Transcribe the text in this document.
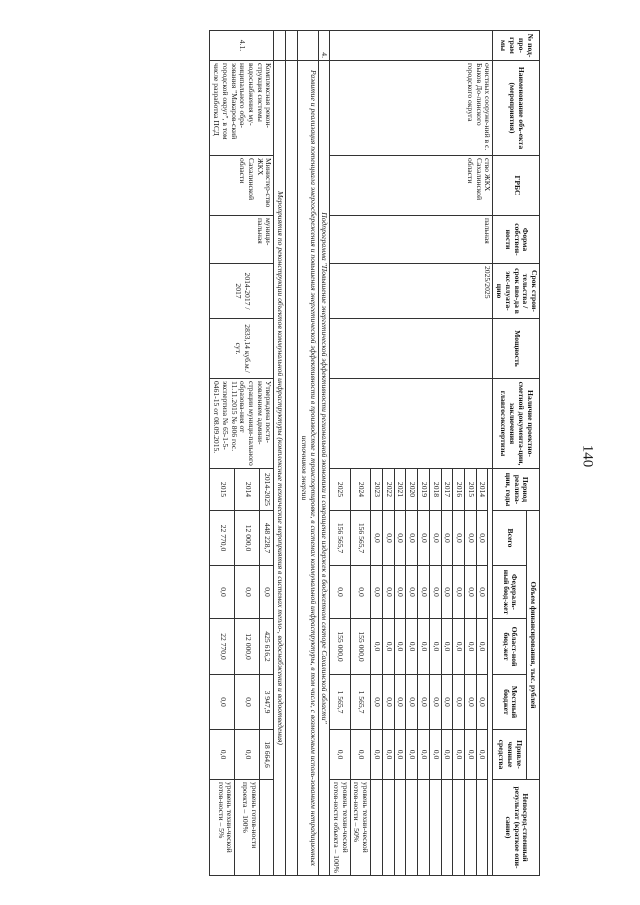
140
№ под-про-грам мы	Наименование объ-екта (мероприятия)	ГРБС	Форма собствен-ности	Срок строи-тельства / срок вво-да в экс-плуата-цию	Мощность	Наличие проектно-сметной документа-ции, заключения главгосэкспертизы	Период реализа-ции, годы	Объем финансирования, тыс. рублей					Непосред-ственный результат (краткое опи-сание)
								Всего	Федераль-ный бюд-жет	Област-ной бюд-жет	Местный бюджет	Привле-ченные средства	
	очистных сооруже-ний в с. Быков До-линского городского округа	ство ЖКХ Сахалинской области	пальная	2025/2025									
							2014	0,0	0,0	0,0	0,0	0,0	
							2015	0,0	0,0	0,0	0,0	0,0	
							2016	0,0	0,0	0,0	0,0	0,0	
							2017	0,0	0,0	0,0	0,0	0,0	
							2018	0,0	0,0	0,0	0,0	0,0	
							2019	0,0	0,0	0,0	0,0	0,0	
							2020	0,0	0,0	0,0	0,0	0,0	
							2021	0,0	0,0	0,0	0,0	0,0	
							2022	0,0	0,0	0,0	0,0	0,0	
							2023	0,0	0,0	0,0	0,0	0,0	
							2024	156 565,7	0,0	155 000,0	1 565,7	0,0	уровень техни-ческой готов-ности – 50%
							2025	156 565,7	0,0	155 000,0	1 565,7	0,0	уровень техни-ческой готов-ности объекта – 100%
4.	Подпрограмма "Повышение энергетической эффективности региональной экономики и сокращение издержек в бюджетном секторе Сахалинской области"												
	Развитие и реализация потенциала энергосбережения и повышения энергетической эффективности в производстве и транспортировке, в системах коммунальной инфраструктуры, в том числе, с возможным исполь-зованием нетрадиционных источников энергии												

	Мероприятия по реконструкции объектов коммунальной инфраструктуры (комплексные технические мероприятия в системах тепло-, водоснабжения и водоотведения)												
4.1.	Комплексная рекон-струкция системы водоснабжения му-ниципального обра-зования "Макаров-ский городской округ", в том числе разработка ПСД	Министер-ство ЖКХ Сахалинской области	муници-пальная	2014-2017 / 2017	2833,14 куб.м./сут.	Утверждена поста-новлением админи-страции муници-пального образова-ния от 11.11.2015 № 806 гос. экспертиза № 65-1-5-0461-15 от 08.09.2015.	2014-2025	448 228,7	0,0	425 616,2	3 947,9	18 664,6	
							2014	12 000,0	0,0	12 000,0	0,0	0,0	уровень готов-ности проекта – 100%
							2015	22 770,0	0,0	22 770,0	0,0	0,0	уровень техни-ческой готов-ности – 5%
